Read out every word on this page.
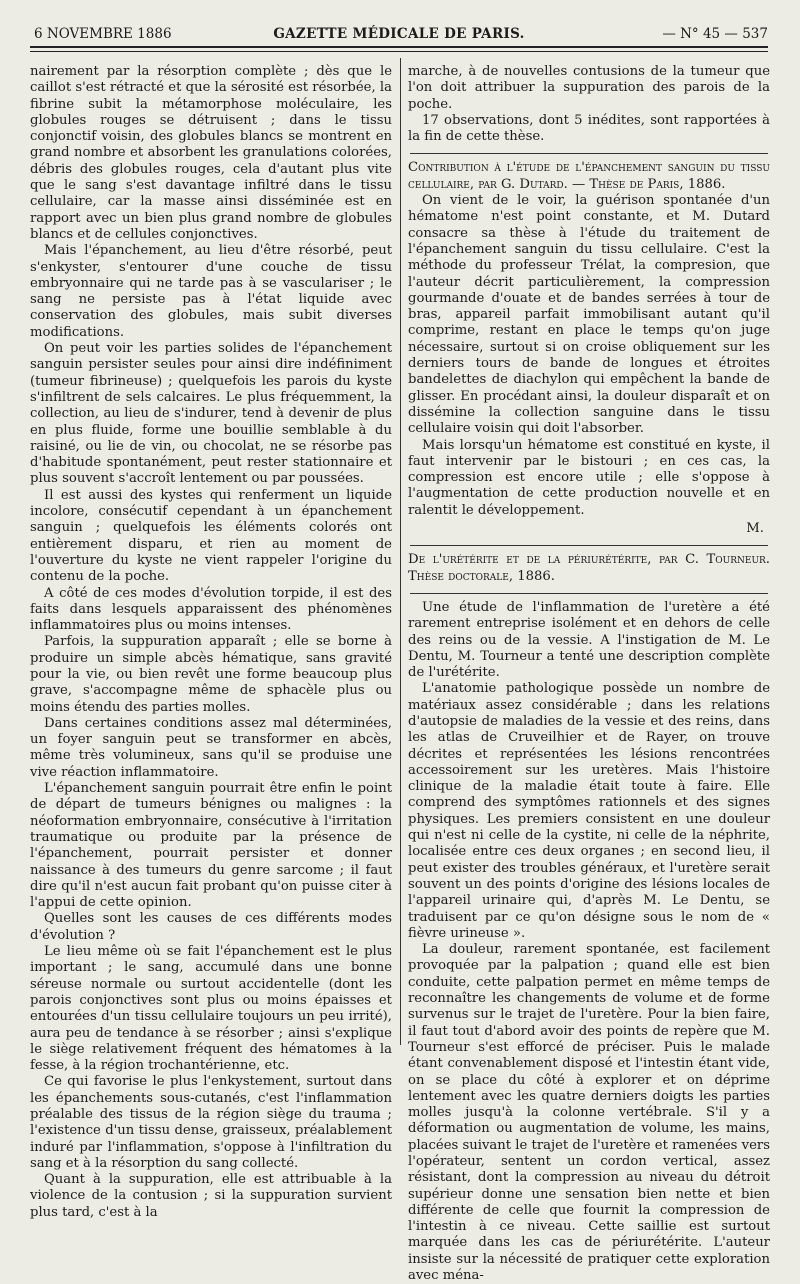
6 NOVEMBRE 1886	GAZETTE MÉDICALE DE PARIS.	— N° 45 — 537

nairement par la résorption complète ; dès que le caillot s'est rétracté et que la sérosité est résorbée, la fibrine subit la métamorphose moléculaire, les globules rouges se détruisent ; dans le tissu conjonctif voisin, des globules blancs se montrent en grand nombre et absorbent les granulations colorées, débris des globules rouges, cela d'autant plus vite que le sang s'est davantage infiltré dans le tissu cellulaire, car la masse ainsi disséminée est en rapport avec un bien plus grand nombre de globules blancs et de cellules conjonctives.

Mais l'épanchement, au lieu d'être résorbé, peut s'enkyster, s'entourer d'une couche de tissu embryonnaire qui ne tarde pas à se vasculariser ; le sang ne persiste pas à l'état liquide avec conservation des globules, mais subit diverses modifications.

On peut voir les parties solides de l'épanchement sanguin persister seules pour ainsi dire indéfiniment (tumeur fibrineuse) ; quelquefois les parois du kyste s'infiltrent de sels calcaires. Le plus fréquemment, la collection, au lieu de s'indurer, tend à devenir de plus en plus fluide, forme une bouillie semblable à du raisiné, ou lie de vin, ou chocolat, ne se résorbe pas d'habitude spontanément, peut rester stationnaire et plus souvent s'accroît lentement ou par poussées.

Il est aussi des kystes qui renferment un liquide incolore, consécutif cependant à un épanchement sanguin ; quelquefois les éléments colorés ont entièrement disparu, et rien au moment de l'ouverture du kyste ne vient rappeler l'origine du contenu de la poche.

A côté de ces modes d'évolution torpide, il est des faits dans lesquels apparaissent des phénomènes inflammatoires plus ou moins intenses.

Parfois, la suppuration apparaît ; elle se borne à produire un simple abcès hématique, sans gravité pour la vie, ou bien revêt une forme beaucoup plus grave, s'accompagne même de sphacèle plus ou moins étendu des parties molles.

Dans certaines conditions assez mal déterminées, un foyer sanguin peut se transformer en abcès, même très volumineux, sans qu'il se produise une vive réaction inflammatoire.

L'épanchement sanguin pourrait être enfin le point de départ de tumeurs bénignes ou malignes : la néoformation embryonnaire, consécutive à l'irritation traumatique ou produite par la présence de l'épanchement, pourrait persister et donner naissance à des tumeurs du genre sarcome ; il faut dire qu'il n'est aucun fait probant qu'on puisse citer à l'appui de cette opinion.

Quelles sont les causes de ces différents modes d'évolution ?

Le lieu même où se fait l'épanchement est le plus important ; le sang, accumulé dans une bonne séreuse normale ou surtout accidentelle (dont les parois conjonctives sont plus ou moins épaisses et entourées d'un tissu cellulaire toujours un peu irrité), aura peu de tendance à se résorber ; ainsi s'explique le siège relativement fréquent des hématomes à la fesse, à la région trochantérienne, etc.

Ce qui favorise le plus l'enkystement, surtout dans les épanchements sous-cutanés, c'est l'inflammation préalable des tissus de la région siège du trauma ; l'existence d'un tissu dense, graisseux, préalablement induré par l'inflammation, s'oppose à l'infiltration du sang et à la résorption du sang collecté.

Quant à la suppuration, elle est attribuable à la violence de la contusion ; si la suppuration survient plus tard, c'est à la

marche, à de nouvelles contusions de la tumeur que l'on doit attribuer la suppuration des parois de la poche.

17 observations, dont 5 inédites, sont rapportées à la fin de cette thèse.

Contribution à l'étude de l'épanchement sanguin du tissu cellulaire, par G. Dutard. — Thèse de Paris, 1886.

On vient de le voir, la guérison spontanée d'un hématome n'est point constante, et M. Dutard consacre sa thèse à l'étude du traitement de l'épanchement sanguin du tissu cellulaire. C'est la méthode du professeur Trélat, la compresion, que l'auteur décrit particulièrement, la compression gourmande d'ouate et de bandes serrées à tour de bras, appareil parfait immobilisant autant qu'il comprime, restant en place le temps qu'on juge nécessaire, surtout si on croise obliquement sur les derniers tours de bande de longues et étroites bandelettes de diachylon qui empêchent la bande de glisser. En procédant ainsi, la douleur disparaît et on dissémine la collection sanguine dans le tissu cellulaire voisin qui doit l'absorber.

Mais lorsqu'un hématome est constitué en kyste, il faut intervenir par le bistouri ; en ces cas, la compression est encore utile ; elle s'oppose à l'augmentation de cette production nouvelle et en ralentit le développement.

M.

De l'urétérite et de la périurétérite, par C. Tourneur. Thèse doctorale, 1886.

Une étude de l'inflammation de l'uretère a été rarement entreprise isolément et en dehors de celle des reins ou de la vessie. A l'instigation de M. Le Dentu, M. Tourneur a tenté une description complète de l'urétérite.

L'anatomie pathologique possède un nombre de matériaux assez considérable ; dans les relations d'autopsie de maladies de la vessie et des reins, dans les atlas de Cruveilhier et de Rayer, on trouve décrites et représentées les lésions rencontrées accessoirement sur les uretères. Mais l'histoire clinique de la maladie était toute à faire. Elle comprend des symptômes rationnels et des signes physiques. Les premiers consistent en une douleur qui n'est ni celle de la cystite, ni celle de la néphrite, localisée entre ces deux organes ; en second lieu, il peut exister des troubles généraux, et l'uretère serait souvent un des points d'origine des lésions locales de l'appareil urinaire qui, d'après M. Le Dentu, se traduisent par ce qu'on désigne sous le nom de « fièvre urineuse ».

La douleur, rarement spontanée, est facilement provoquée par la palpation ; quand elle est bien conduite, cette palpation permet en même temps de reconnaître les changements de volume et de forme survenus sur le trajet de l'uretère. Pour la bien faire, il faut tout d'abord avoir des points de repère que M. Tourneur s'est efforcé de préciser. Puis le malade étant convenablement disposé et l'intestin étant vide, on se place du côté à explorer et on déprime lentement avec les quatre derniers doigts les parties molles jusqu'à la colonne vertébrale. S'il y a déformation ou augmentation de volume, les mains, placées suivant le trajet de l'uretère et ramenées vers l'opérateur, sentent un cordon vertical, assez résistant, dont la compression au niveau du détroit supérieur donne une sensation bien nette et bien différente de celle que fournit la compression de l'intestin à ce niveau. Cette saillie est surtout marquée dans les cas de périurétérite. L'auteur insiste sur la nécessité de pratiquer cette exploration avec ména-
